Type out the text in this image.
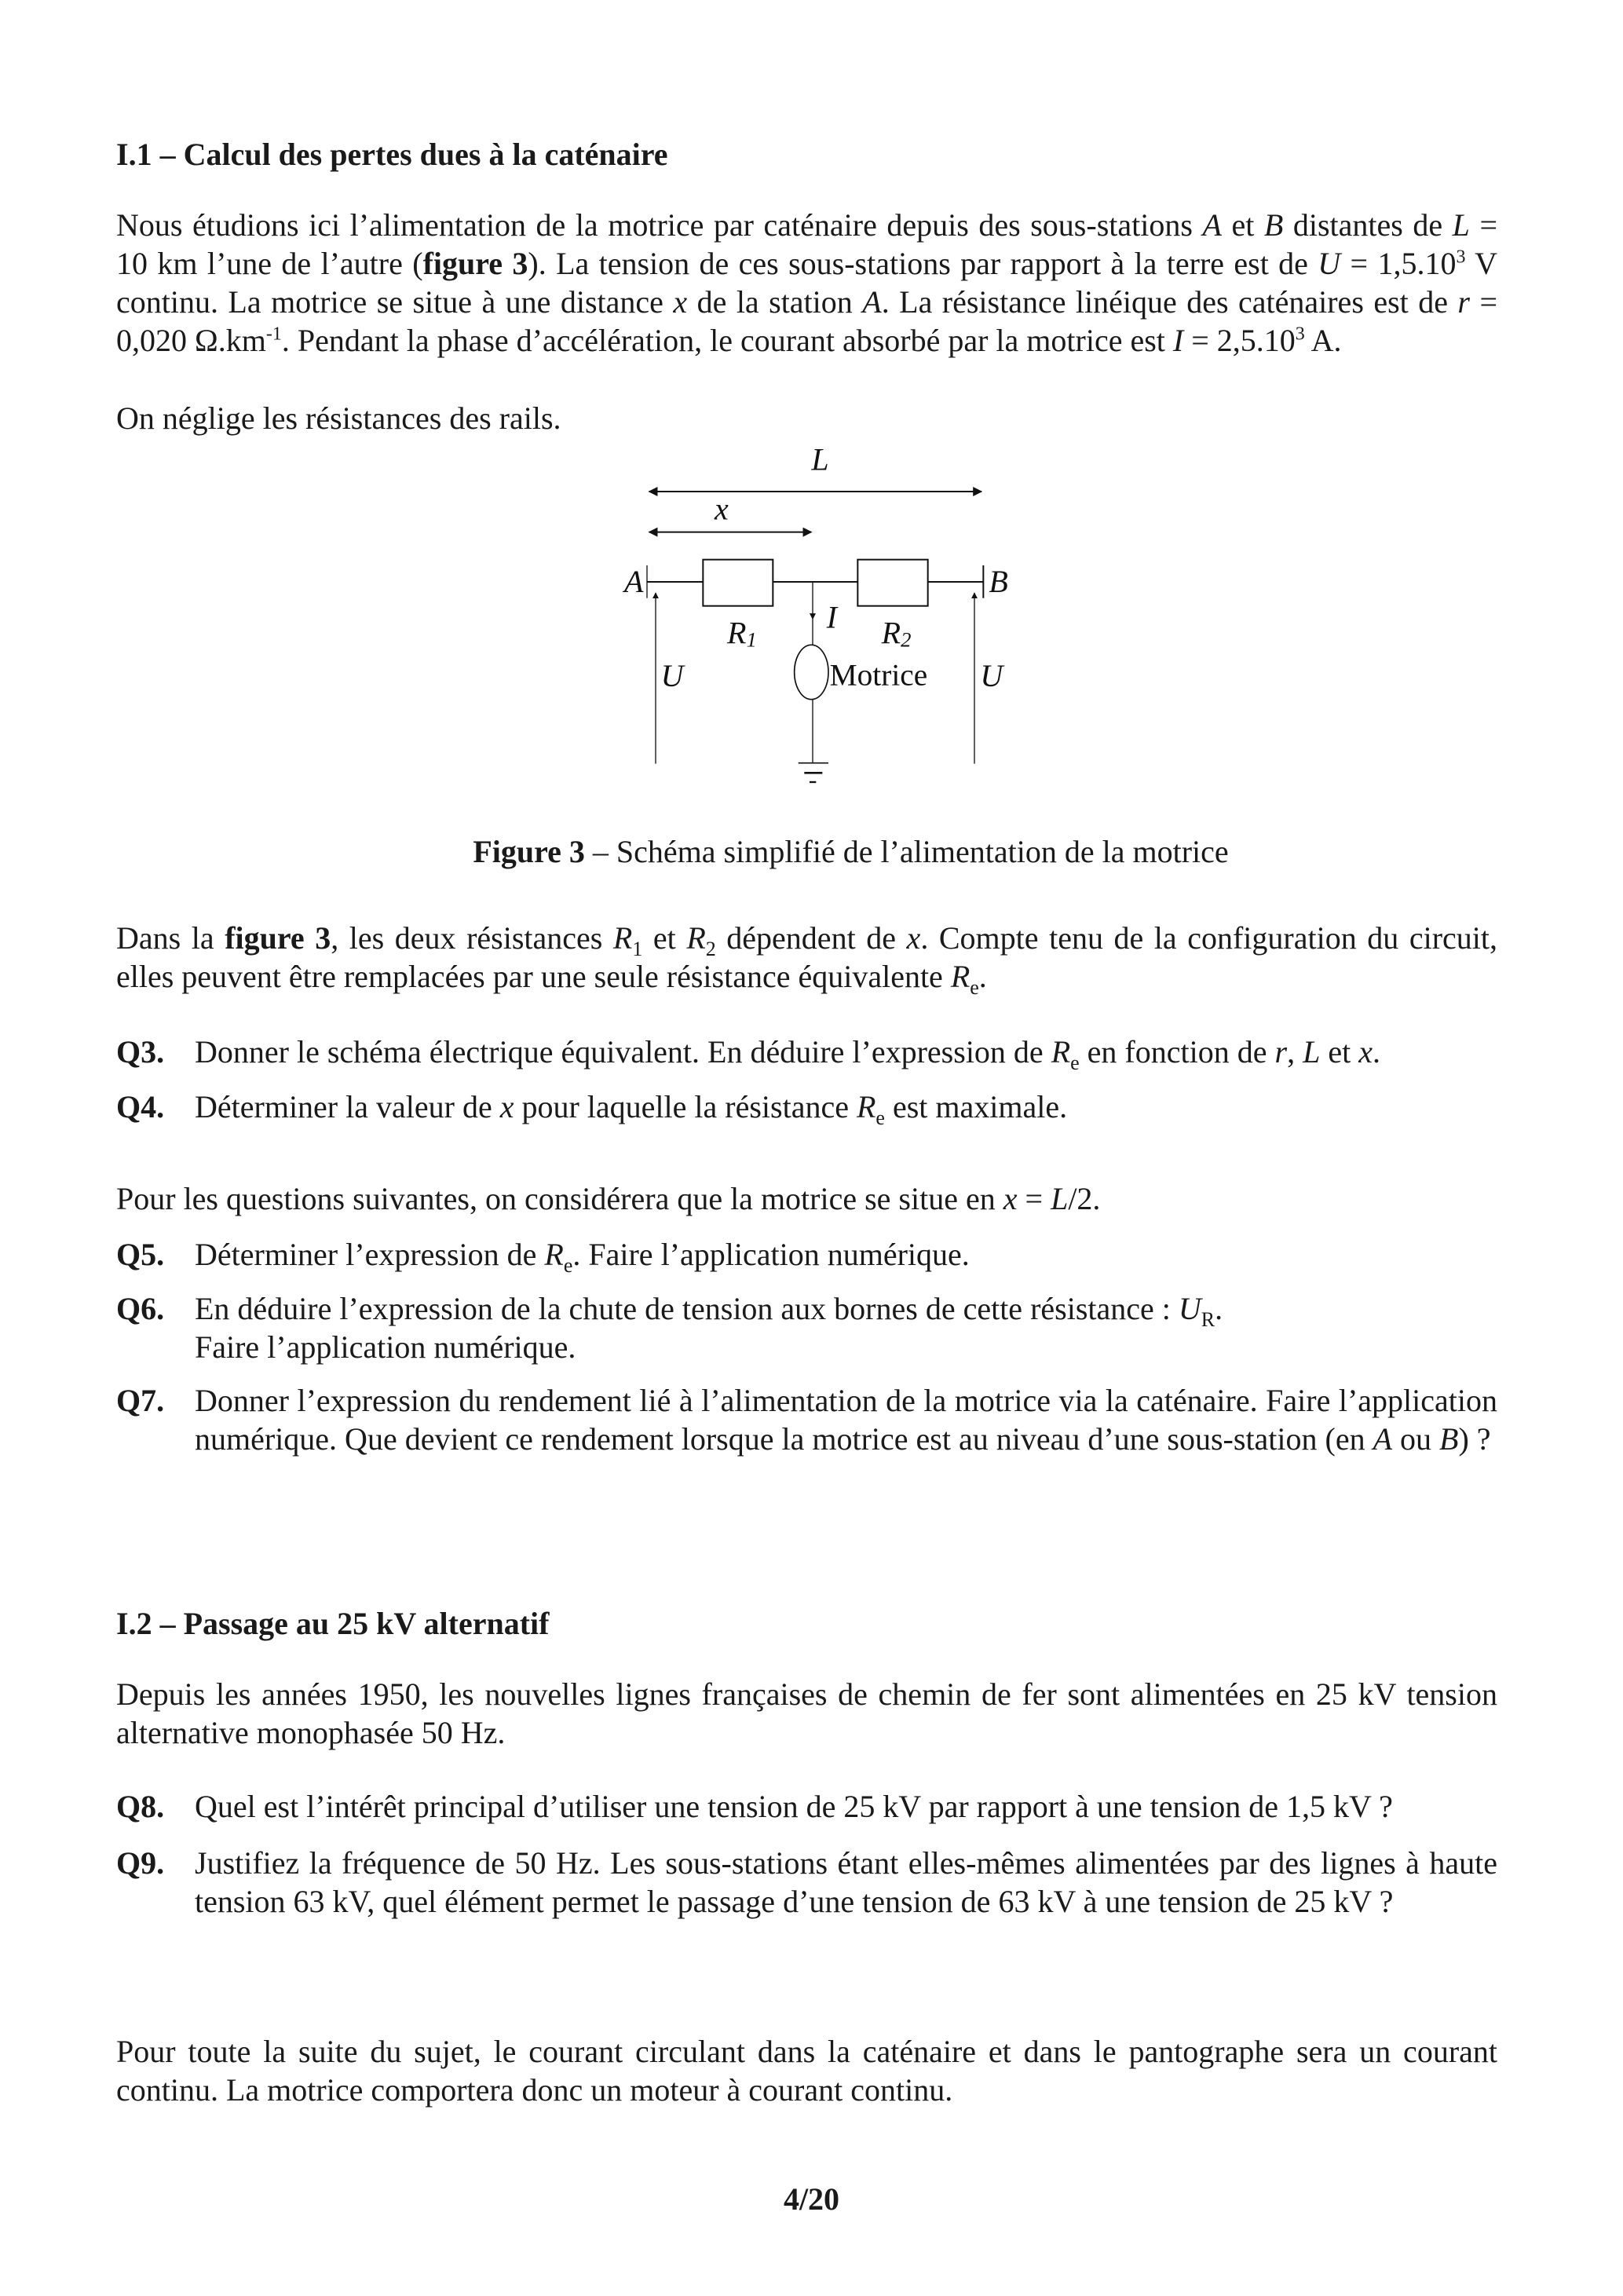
I.1 – Calcul des pertes dues à la caténaire
Nous étudions ici l’alimentation de la motrice par caténaire depuis des sous-stations A et B distantes de L = 10 km l’une de l’autre (figure 3). La tension de ces sous-stations par rapport à la terre est de $U = 1,5.10^3$ V continu. La motrice se situe à une distance x de la station A. La résistance linéique des caténaires est de r = 0,020 $\Omega.km^{-1}$. Pendant la phase d’accélération, le courant absorbé par la motrice est $I = 2,5.10^3$ A.
On néglige les résistances des rails.
L
x
A	B
R1 R2
I
U	U
Motrice
Figure 3 – Schéma simplifié de l’alimentation de la motrice
Dans la figure 3, les deux résistances $R_1$ et $R_2$ dépendent de x. Compte tenu de la configuration du circuit, elles peuvent être remplacées par une seule résistance équivalente $R_e$.
Q3. Donner le schéma électrique équivalent. En déduire l’expression de $R_e$ en fonction de r, L et x.
Q4. Déterminer la valeur de x pour laquelle la résistance $R_e$ est maximale.
Pour les questions suivantes, on considérera que la motrice se situe en x = L/2.
Q5. Déterminer l’expression de $R_e$. Faire l’application numérique.
Q6. En déduire l’expression de la chute de tension aux bornes de cette résistance : $U_R$.
Faire l’application numérique.
Q7. Donner l’expression du rendement lié à l’alimentation de la motrice via la caténaire. Faire l’application numérique. Que devient ce rendement lorsque la motrice est au niveau d’une sous-station (en A ou B) ?
I.2 – Passage au 25 kV alternatif
Depuis les années 1950, les nouvelles lignes françaises de chemin de fer sont alimentées en 25 kV tension alternative monophasée 50 Hz.
Q8. Quel est l’intérêt principal d’utiliser une tension de 25 kV par rapport à une tension de 1,5 kV ?
Q9. Justifiez la fréquence de 50 Hz. Les sous-stations étant elles-mêmes alimentées par des lignes à haute tension 63 kV, quel élément permet le passage d’une tension de 63 kV à une tension de 25 kV ?
Pour toute la suite du sujet, le courant circulant dans la caténaire et dans le pantographe sera un courant continu. La motrice comportera donc un moteur à courant continu.
4/20
